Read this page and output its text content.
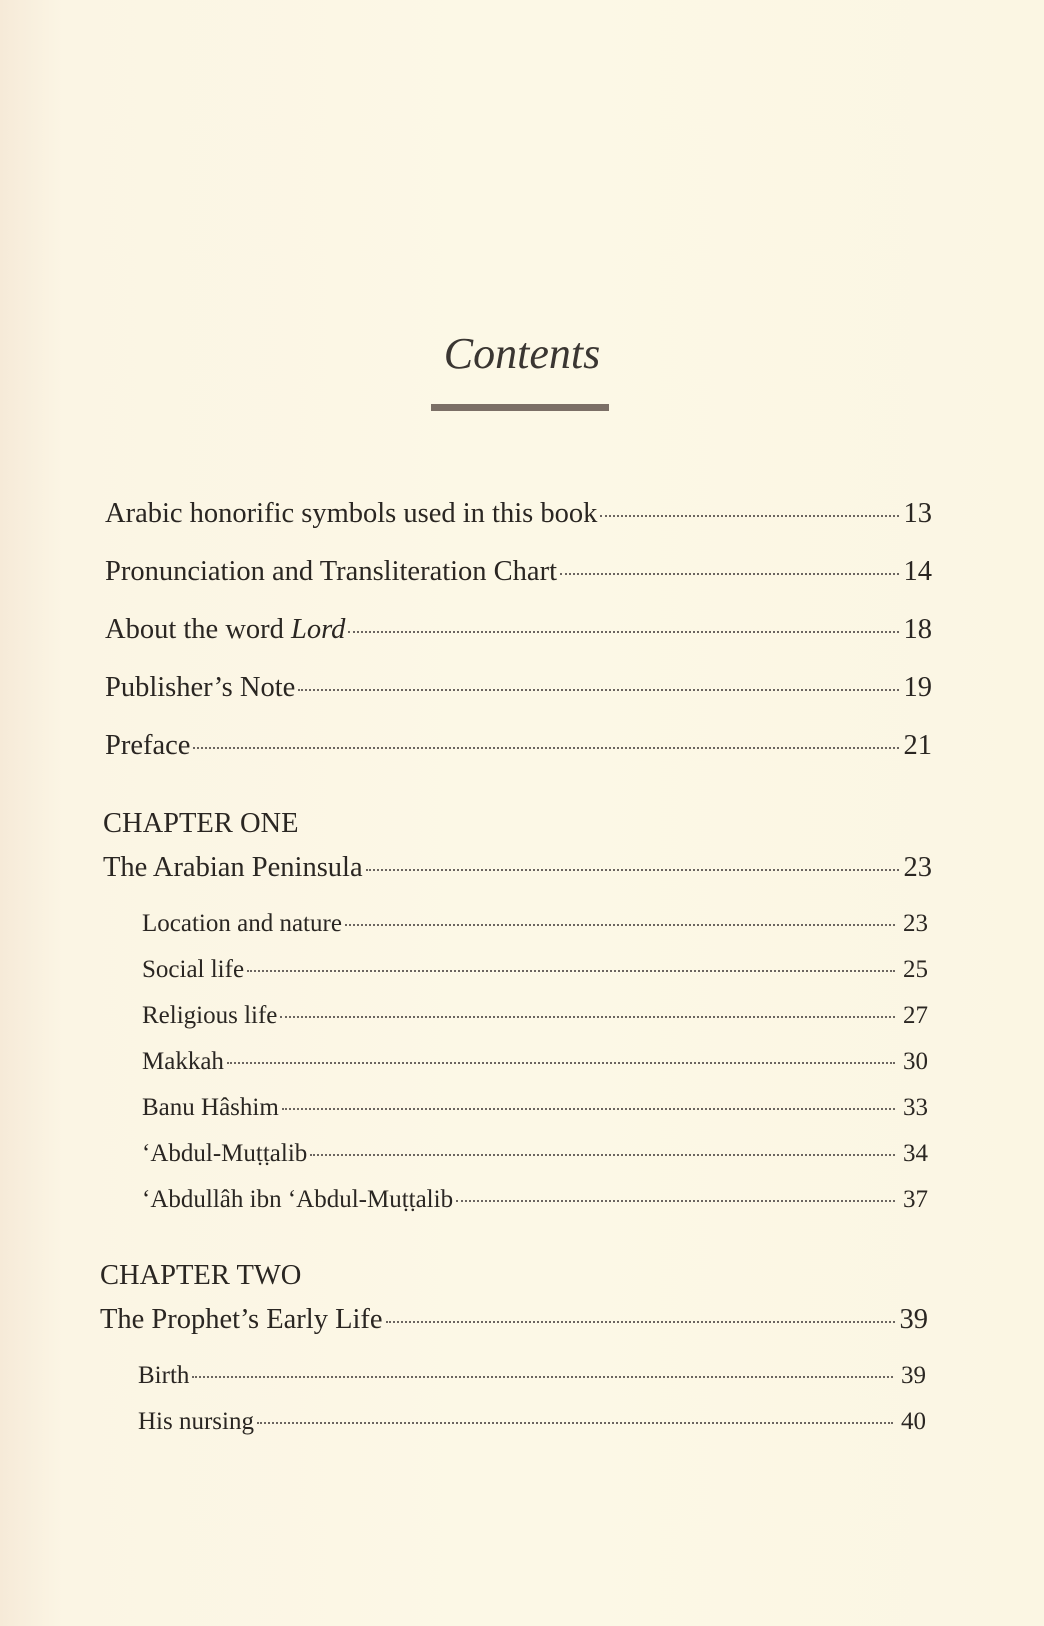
Contents
Arabic honorific symbols used in this book	13
Pronunciation and Transliteration Chart	14
About the word Lord	18
Publisher’s Note	19
Preface	21
CHAPTER ONE
The Arabian Peninsula	23
Location and nature	23
Social life	25
Religious life	27
Makkah	30
Banu Hâshim	33
‘Abdul-Muṭṭalib	34
‘Abdullâh ibn ‘Abdul-Muṭṭalib	37
CHAPTER TWO
The Prophet’s Early Life	39
Birth	39
His nursing	40
